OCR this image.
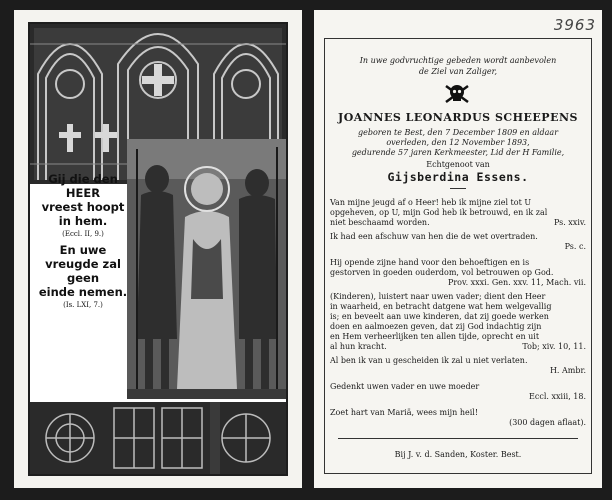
Gij die den
HEER
vreest hoopt
in hem.
(Eccl. II, 9.)
En uwe
vreugde zal
geen
einde nemen.
(Is. LXI, 7.)
3963
In uwe godvruchtige gebeden wordt aanbevolen
de Ziel van Zaliger,
JOANNES LEONARDUS SCHEEPENS
geboren te Best, den 7 December 1809 en aldaar
overleden, den 12 November 1893,
gedurende 57 jaren Kerkmeester, Lid der H Familie,
Echtgenoot van
Gijsberdina Essens.
Van mijne jeugd af o Heer! heb ik mijne ziel tot U
opgeheven, op U, mijn God heb ik betrouwd, en ik zal
niet beschaamd worden.	Ps. xxiv.
Ik had een afschuw van hen die de wet overtraden.
Ps. c.
Hij opende zijne hand voor den behoeftigen en is
gestorven in goeden ouderdom, vol betrouwen op God.
Prov. xxxi. Gen. xxv. 11, Mach. vii.
(Kinderen), luistert naar uwen vader; dient den Heer
in waarheid, en betracht datgene wat hem welgevallig
is; en beveelt aan uwe kinderen, dat zij goede werken
doen en aalmoezen geven, dat zij God indachtig zijn
en Hem verheerlijken ten allen tijde, oprecht en uit
al hun kracht.	Tob; xiv. 10, 11.
Al ben ik van u gescheiden ik zal u niet verlaten.
H. Ambr.
Gedenkt uwen vader en uwe moeder
Eccl. xxiii, 18.
Zoet hart van Mariä, wees mijn heil!
(300 dagen aflaat).
Bij J. v. d. Sanden, Koster. Best.
